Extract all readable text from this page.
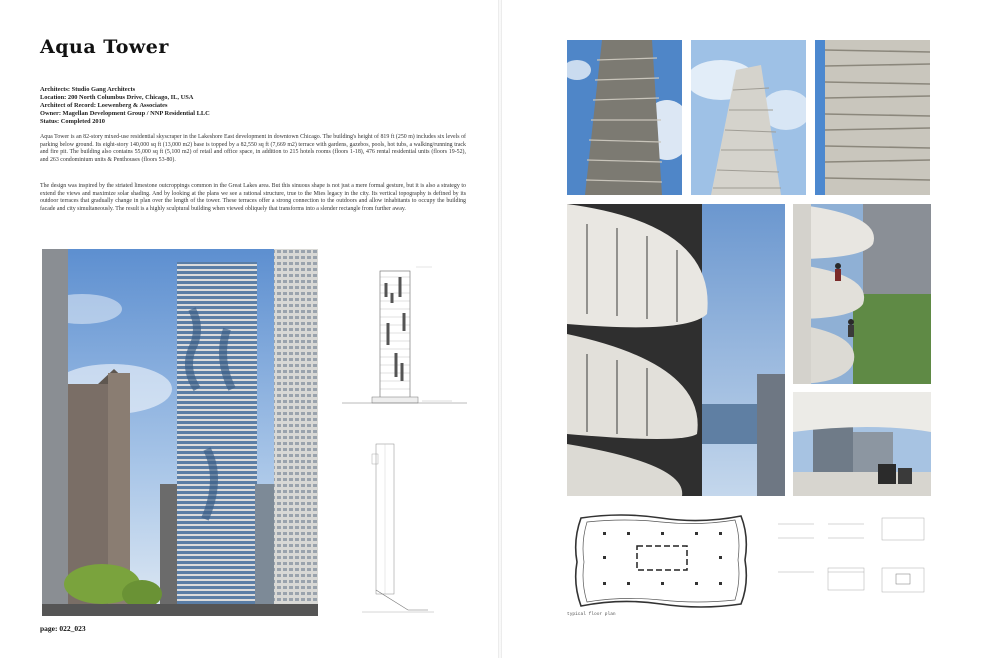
Aqua Tower
Architects: Studio Gang Architects
Location: 200 North Columbus Drive, Chicago, IL, USA
Architect of Record: Loewenberg & Associates
Owner: Magellan Development Group / NNP Residential LLC
Status: Completed 2010
Aqua Tower is an 82-story mixed-use residential skyscraper in the Lakeshore East development in downtown Chicago. The building's height of 819 ft (250 m) includes six levels of parking below ground. Its eight-story 140,000 sq ft (13,000 m2) base is topped by a 82,550 sq ft (7,669 m2) terrace with gardens, gazebos, pools, hot tubs, a walking/running track and fire pit. The building also contains 55,000 sq ft (5,100 m2) of retail and office space, in addition to 215 hotels rooms (floors 1-18), 476 rental residential units (floors 19-52), and 263 condominium units & Penthouses (floors 53-80).
The design was inspired by the striated limestone outcroppings common in the Great Lakes area. But this sinuous shape is not just a mere formal gesture, but it is also a strategy to extend the views and maximize solar shading. And by looking at the plans we see a rational structure, true to the Mies legacy in the city. Its vertical topography is defined by its outdoor terraces that gradually change in plan over the length of the tower. These terraces offer a strong connection to the outdoors and allow inhabitants to occupy the building facade and city simultaneously. The result is a highly sculptural building when viewed obliquely that transforms into a slender rectangle from further away.
page: 022_023
typical floor plan
